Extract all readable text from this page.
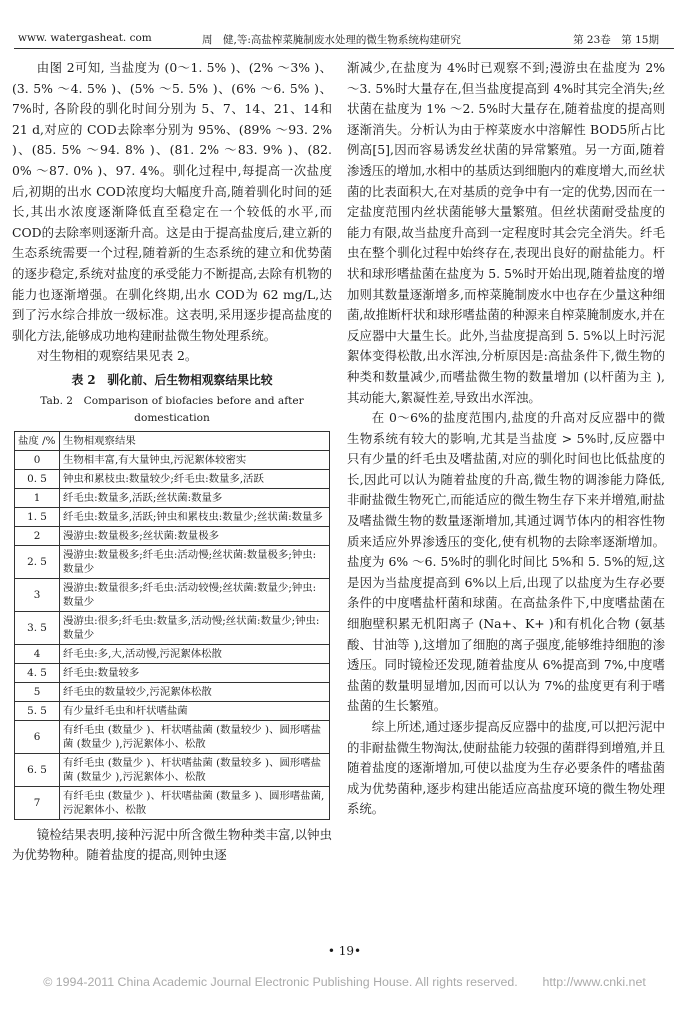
www. watergasheat. com	周　健,等:高盐榨菜腌制废水处理的微生物系统构建研究	第 23卷　第 15期

由图 2可知, 当盐度为 (0～1. 5% )、(2% ～3% )、(3. 5% ～4. 5% )、(5% ～5. 5% )、(6% ～6. 5% )、7%时, 各阶段的驯化时间分别为 5、7、14、21、14和 21 d,对应的 COD去除率分别为 95%、(89% ～93. 2% )、(85. 5% ～94. 8% )、(81. 2% ～83. 9% )、(82. 0% ～87. 0% )、97. 4%。驯化过程中,每提高一次盐度后,初期的出水 COD浓度均大幅度升高,随着驯化时间的延长,其出水浓度逐渐降低直至稳定在一个较低的水平,而 COD的去除率则逐渐升高。这是由于提高盐度后,建立新的生态系统需要一个过程,随着新的生态系统的建立和优势菌的逐步稳定,系统对盐度的承受能力不断提高,去除有机物的能力也逐渐增强。在驯化终期,出水 COD为 62 mg/L,达到了污水综合排放一级标准。这表明,采用逐步提高盐度的驯化方法,能够成功地构建耐盐微生物处理系统。

对生物相的观察结果见表 2。

表 2　驯化前、后生物相观察结果比较
Tab. 2　Comparison of biofacies before and after domestication
盐度 /%	生物相观察结果
0	生物相丰富,有大量钟虫,污泥絮体较密实
0. 5	钟虫和累枝虫:数量较少;纤毛虫:数量多,活跃
1	纤毛虫:数量多,活跃;丝状菌:数量多
1. 5	纤毛虫:数量多,活跃;钟虫和累枝虫:数量少;丝状菌:数量多
2	漫游虫:数量极多;丝状菌:数量极多
2. 5	漫游虫:数量极多;纤毛虫:活动慢;丝状菌:数量极多;钟虫:数量少
3	漫游虫:数量很多;纤毛虫:活动较慢;丝状菌:数量少;钟虫:数量少
3. 5	漫游虫:很多;纤毛虫:数量多,活动慢;丝状菌:数量少;钟虫:数量少
4	纤毛虫:多,大,活动慢,污泥絮体松散
4. 5	纤毛虫:数量较多
5	纤毛虫的数量较少,污泥絮体松散
5. 5	有少量纤毛虫和杆状嗜盐菌
6	有纤毛虫 (数量少 )、杆状嗜盐菌 (数量较少 )、圆形嗜盐菌 (数量少 ),污泥絮体小、松散
6. 5	有纤毛虫 (数量少 )、杆状嗜盐菌 (数量较多 )、圆形嗜盐菌 (数量少 ),污泥絮体小、松散
7	有纤毛虫 (数量少 )、杆状嗜盐菌 (数量多 )、圆形嗜盐菌,污泥絮体小、松散

镜检结果表明,接种污泥中所含微生物种类丰富,以钟虫为优势物种。随着盐度的提高,则钟虫逐

渐减少,在盐度为 4%时已观察不到;漫游虫在盐度为 2% ～3. 5%时大量存在,但当盐度提高到 4%时其完全消失;丝状菌在盐度为 1% ～2. 5%时大量存在,随着盐度的提高则逐渐消失。分析认为由于榨菜废水中溶解性 BOD5所占比例高[5],因而容易诱发丝状菌的异常繁殖。另一方面,随着渗透压的增加,水相中的基质达到细胞内的难度增大,而丝状菌的比表面积大,在对基质的竞争中有一定的优势,因而在一定盐度范围内丝状菌能够大量繁殖。但丝状菌耐受盐度的能力有限,故当盐度升高到一定程度时其会完全消失。纤毛虫在整个驯化过程中始终存在,表现出良好的耐盐能力。杆状和球形嗜盐菌在盐度为 5. 5%时开始出现,随着盐度的增加则其数量逐渐增多,而榨菜腌制废水中也存在少量这种细菌,故推断杆状和球形嗜盐菌的种源来自榨菜腌制废水,并在反应器中大量生长。此外,当盐度提高到 5. 5%以上时污泥絮体变得松散,出水浑浊,分析原因是:高盐条件下,微生物的种类和数量减少,而嗜盐微生物的数量增加 (以杆菌为主 ),其动能大,絮凝性差,导致出水浑浊。

在 0～6%的盐度范围内,盐度的升高对反应器中的微生物系统有较大的影响,尤其是当盐度 > 5%时,反应器中只有少量的纤毛虫及嗜盐菌,对应的驯化时间也比低盐度的长,因此可以认为随着盐度的升高,微生物的调渗能力降低,非耐盐微生物死亡,而能适应的微生物生存下来并增殖,耐盐及嗜盐微生物的数量逐渐增加,其通过调节体内的相容性物质来适应外界渗透压的变化,使有机物的去除率逐渐增加。盐度为 6% ～6. 5%时的驯化时间比 5%和 5. 5%的短,这是因为当盐度提高到 6%以上后,出现了以盐度为生存必要条件的中度嗜盐杆菌和球菌。在高盐条件下,中度嗜盐菌在细胞壁积累无机阳离子 (Na+、K+ )和有机化合物 (氨基酸、甘油等 ),这增加了细胞的离子强度,能够维持细胞的渗透压。同时镜检还发现,随着盐度从 6%提高到 7%,中度嗜盐菌的数量明显增加,因而可以认为 7%的盐度更有利于嗜盐菌的生长繁殖。

综上所述,通过逐步提高反应器中的盐度,可以把污泥中的非耐盐微生物淘汰,使耐盐能力较强的菌群得到增殖,并且随着盐度的逐渐增加,可使以盐度为生存必要条件的嗜盐菌成为优势菌种,逐步构建出能适应高盐度环境的微生物处理系统。

• 19•
© 1994-2011 China Academic Journal Electronic Publishing House. All rights reserved.　　http://www.cnki.net
